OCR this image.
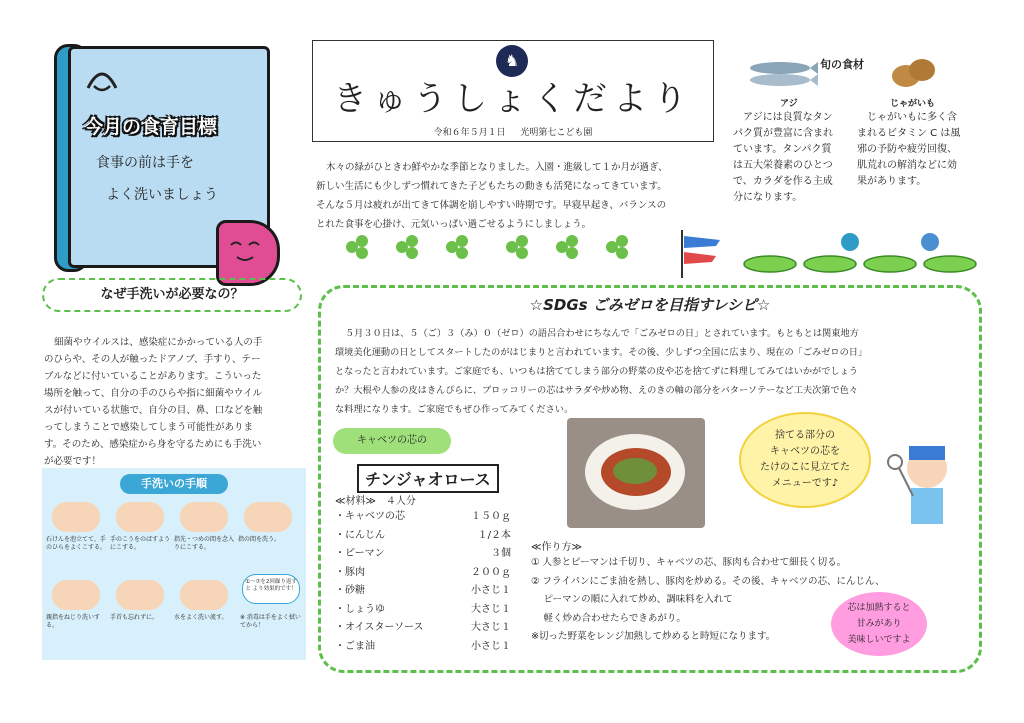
今月の食育目標
食事の前は手を
よく洗いましょう
♞
きゅうしょくだより
令和６年５月１日 　 光明第七こども園
木々の緑がひときわ鮮やかな季節となりました。入園・進級して１か月が過ぎ、
新しい生活にも少しずつ慣れてきた子どもたちの動きも活発になってきています。
そんな５月は疲れが出てきて体調を崩しやすい時期です。早寝早起き、バランスの
とれた食事を心掛け、元気いっぱい過ごせるようにしましょう。
旬の食材
アジ	じゃがいも
アジには良質なタン
パク質が豊富に含まれ
ています。タンパク質
は五大栄養素のひとつ
で、カラダを作る主成
分になります。
じゃがいもに多く含
まれるビタミン C は風
邪の予防や疲労回復、
肌荒れの解消などに効
果があります。
なぜ手洗いが必要なの？
細菌やウイルスは、感染症にかかっている人の手
のひらや、その人が触ったドアノブ、手すり、テー
ブルなどに付いていることがあります。こういった
場所を触って、自分の手のひらや指に細菌やウイル
スが付いている状態で、自分の目、鼻、口などを触
ってしまうことで感染してしまう可能性がありま
す。そのため、感染症から身を守るためにも手洗い
が必要です！
手洗いの手順
石けんを泡立てて、手のひらをよくこする。
手のこうをのばすようにこする。
指先・つめの間を念入りにこする。
指の間を洗う。
親指をねじり洗いする。
手首も忘れずに。	水をよく洗い流す。
①〜⑦を2回繰り返すと より効果的です！
※ 消毒は手をよく拭いてから！
☆SDGs ごみゼロを目指すレシピ☆
５月３０日は、５（ご）３（み）０（ゼロ）の語呂合わせにちなんで「ごみゼロの日」とされています。もともとは関東地方
環境美化運動の日としてスタートしたのがはじまりと言われています。その後、少しずつ全国に広まり、現在の「ごみゼロの日」
となったと言われています。ご家庭でも、いつもは捨ててしまう部分の野菜の皮や芯を捨てずに料理してみてはいかがでしょう
か？大根や人参の皮はきんぴらに、ブロッコリーの芯はサラダや炒め物、えのきの軸の部分をバターソテーなど工夫次第で色々
な料理になります。ご家庭でもぜひ作ってみてください。
キャベツの芯の
チンジャオロース
≪材料≫　４人分
・キャベツの芯	１５０ｇ
・にんじん	１/２本
・ピーマン	３個
・豚肉	２００ｇ
・砂糖	小さじ１
・しょうゆ	大さじ１
・オイスターソース	大さじ１
・ごま油	小さじ１
捨てる部分の
キャベツの芯を
たけのこに見立てた
メニューです♪
≪作り方≫
① 人参とピーマンは千切り、キャベツの芯、豚肉も合わせて細長く切る。
② フライパンにごま油を熱し、豚肉を炒める。その後、キャベツの芯、にんじん、
　 ピーマンの順に入れて炒め、調味料を入れて
　 軽く炒め合わせたらできあがり。
※切った野菜をレンジ加熱して炒めると時短になります。
芯は加熱すると
甘みがあり
美味しいですよ
